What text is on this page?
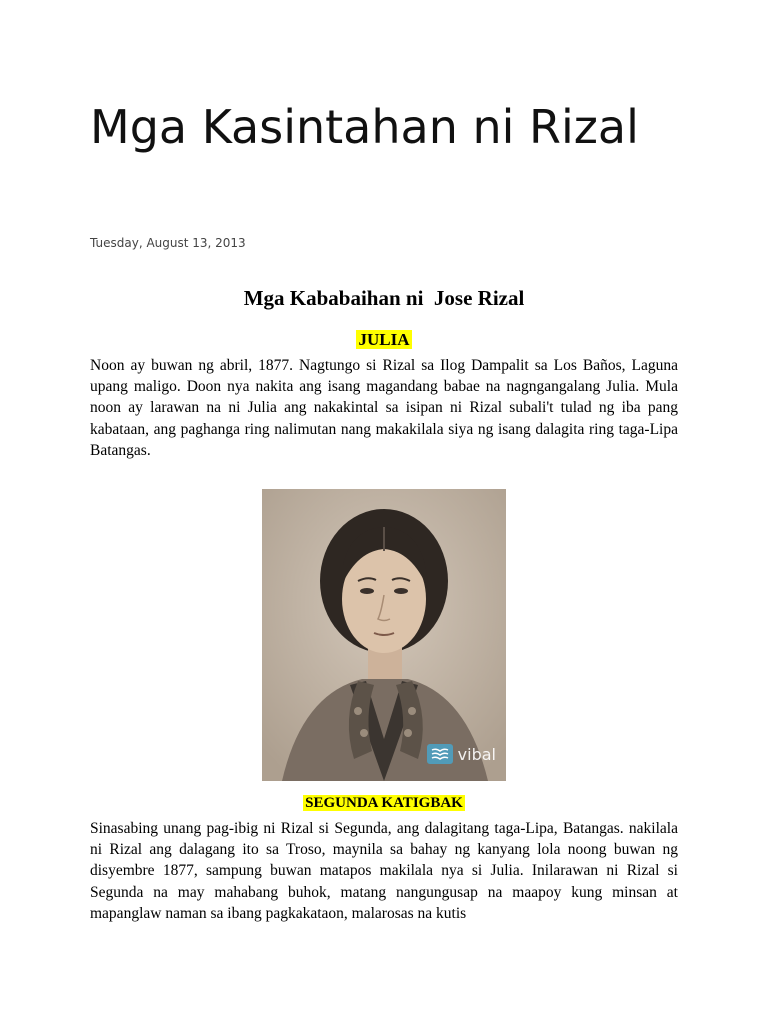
Mga Kasintahan ni Rizal
Tuesday, August 13, 2013
Mga Kababaihan ni  Jose Rizal
JULIA

Noon ay buwan ng abril, 1877. Nagtungo si Rizal sa Ilog Dampalit sa Los Baños, Laguna upang maligo. Doon nya nakita ang isang magandang babae na nagngangalang Julia. Mula noon ay larawan na ni Julia ang nakakintal sa isipan ni Rizal subali't tulad ng iba pang kabataan, ang paghanga ring nalimutan nang makakilala siya ng isang dalagita ring taga-Lipa Batangas.

vibal
SEGUNDA KATIGBAK

Sinasabing unang pag-ibig ni Rizal si Segunda, ang dalagitang taga-Lipa, Batangas. nakilala ni Rizal ang dalagang ito sa Troso, maynila sa bahay ng kanyang lola noong buwan ng disyembre 1877, sampung buwan matapos makilala nya si Julia. Inilarawan ni Rizal si Segunda na may mahabang buhok, matang nangungusap na maapoy kung minsan at mapanglaw naman sa ibang pagkakataon, malarosas na kutis
